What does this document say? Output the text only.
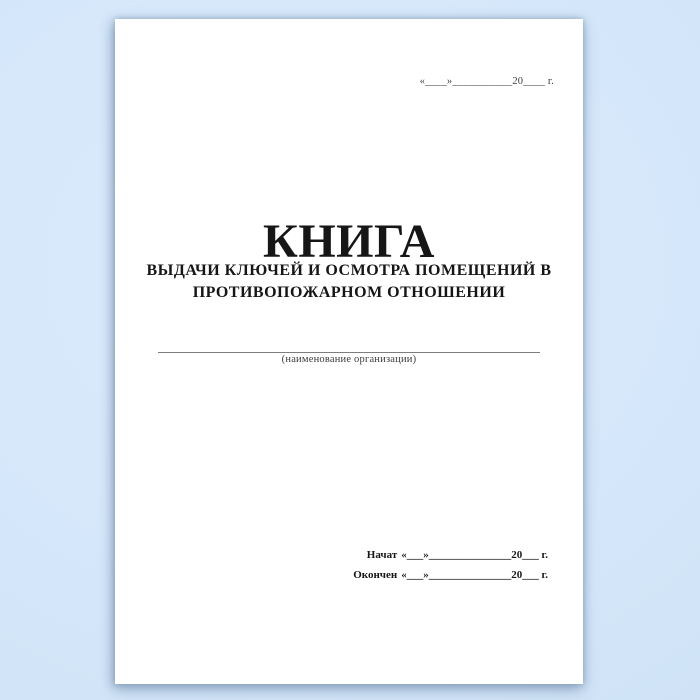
«____»___________20____ г.
КНИГА
ВЫДАЧИ КЛЮЧЕЙ И ОСМОТРА ПОМЕЩЕНИЙ В
ПРОТИВОПОЖАРНОМ ОТНОШЕНИИ
(наименование организации)
Начат «___»_______________20___ г.
Окончен «___»_______________20___ г.
